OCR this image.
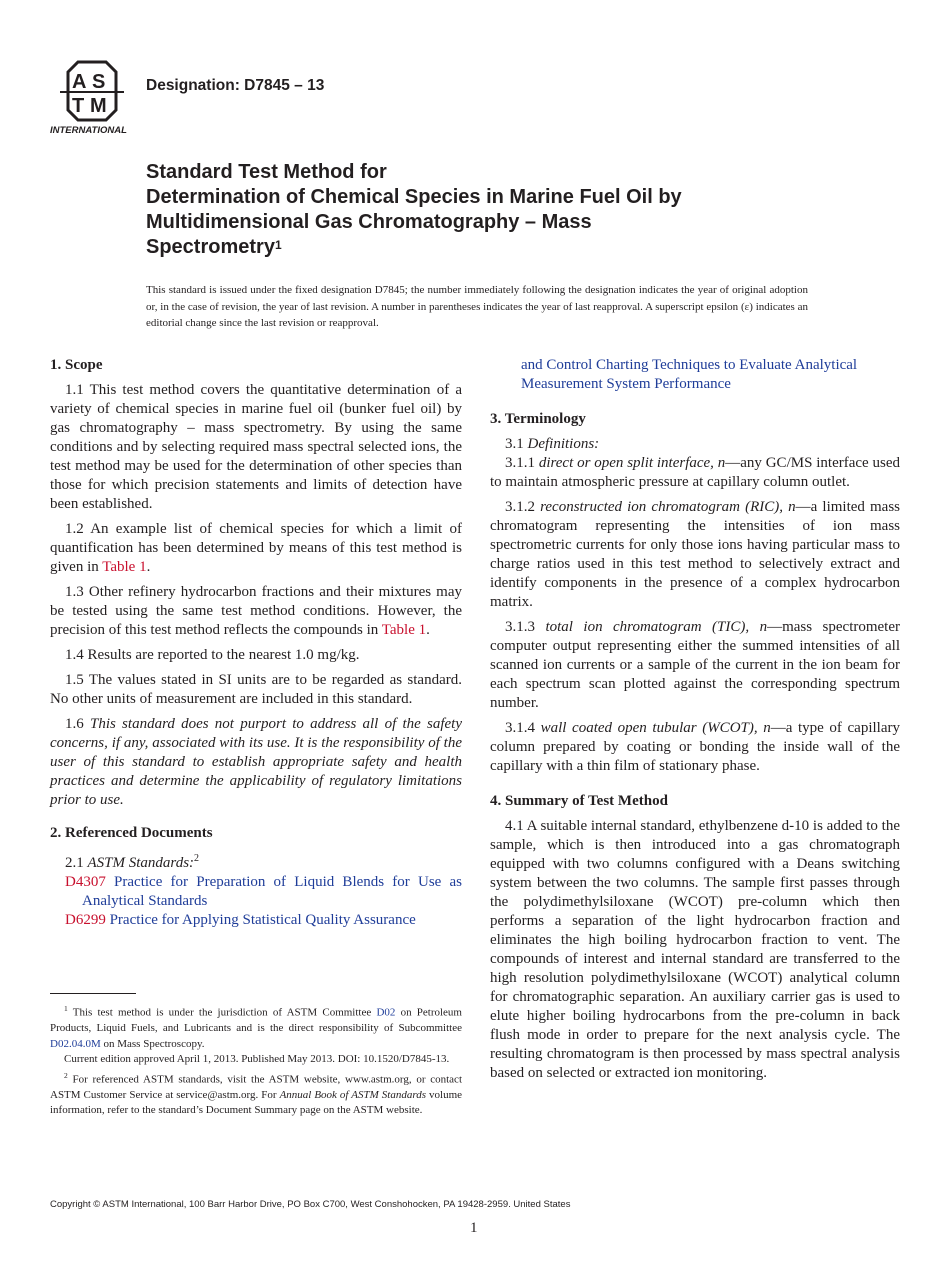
A S
T M
INTERNATIONAL
Designation: D7845 – 13
Standard Test Method for
Determination of Chemical Species in Marine Fuel Oil by
Multidimensional Gas Chromatography – Mass
Spectrometry$^1$
This standard is issued under the fixed designation D7845; the number immediately following the designation indicates the year of original adoption or, in the case of revision, the year of last revision. A number in parentheses indicates the year of last reapproval. A superscript epsilon (ε) indicates an editorial change since the last revision or reapproval.
1. Scope

1.1 This test method covers the quantitative determination of a variety of chemical species in marine fuel oil (bunker fuel oil) by gas chromatography – mass spectrometry. By using the same conditions and by selecting required mass spectral selected ions, the test method may be used for the determination of other species than those for which precision statements and limits of detection have been established.

1.2 An example list of chemical species for which a limit of quantification has been determined by means of this test method is given in Table 1.

1.3 Other refinery hydrocarbon fractions and their mixtures may be tested using the same test method conditions. However, the precision of this test method reflects the compounds in Table 1.

1.4 Results are reported to the nearest 1.0 mg/kg.

1.5 The values stated in SI units are to be regarded as standard. No other units of measurement are included in this standard.

1.6 This standard does not purport to address all of the safety concerns, if any, associated with its use. It is the responsibility of the user of this standard to establish appropriate safety and health practices and determine the applicability of regulatory limitations prior to use.

2. Referenced Documents

2.1 ASTM Standards:$^2$

D4307 Practice for Preparation of Liquid Blends for Use as Analytical Standards
D6299 Practice for Applying Statistical Quality Assurance

$^1$ This test method is under the jurisdiction of ASTM Committee D02 on Petroleum Products, Liquid Fuels, and Lubricants and is the direct responsibility of Subcommittee D02.04.0M on Mass Spectroscopy.

Current edition approved April 1, 2013. Published May 2013. DOI: 10.1520/D7845-13.

$^2$ For referenced ASTM standards, visit the ASTM website, www.astm.org, or contact ASTM Customer Service at service@astm.org. For Annual Book of ASTM Standards volume information, refer to the standard’s Document Summary page on the ASTM website.

and Control Charting Techniques to Evaluate Analytical Measurement System Performance
3. Terminology

3.1 Definitions:

3.1.1 direct or open split interface, n—any GC/MS interface used to maintain atmospheric pressure at capillary column outlet.

3.1.2 reconstructed ion chromatogram (RIC), n—a limited mass chromatogram representing the intensities of ion mass spectrometric currents for only those ions having particular mass to charge ratios used in this test method to selectively extract and identify components in the presence of a complex hydrocarbon matrix.

3.1.3 total ion chromatogram (TIC), n—mass spectrometer computer output representing either the summed intensities of all scanned ion currents or a sample of the current in the ion beam for each spectrum scan plotted against the corresponding spectrum number.

3.1.4 wall coated open tubular (WCOT), n—a type of capillary column prepared by coating or bonding the inside wall of the capillary with a thin film of stationary phase.

4. Summary of Test Method

4.1 A suitable internal standard, ethylbenzene d-10 is added to the sample, which is then introduced into a gas chromatograph equipped with two columns configured with a Deans switching system between the two columns. The sample first passes through the polydimethylsiloxane (WCOT) pre-column which then performs a separation of the light hydrocarbon fraction and eliminates the high boiling hydrocarbon fraction to vent. The compounds of interest and internal standard are transferred to the high resolution polydimethylsiloxane (WCOT) analytical column for chromatographic separation. An auxiliary carrier gas is used to elute higher boiling hydrocarbons from the pre-column in back flush mode in order to prepare for the next analysis cycle. The resulting chromatogram is then processed by mass spectral analysis based on selected or extracted ion monitoring.

Copyright © ASTM International, 100 Barr Harbor Drive, PO Box C700, West Conshohocken, PA 19428-2959. United States
1
